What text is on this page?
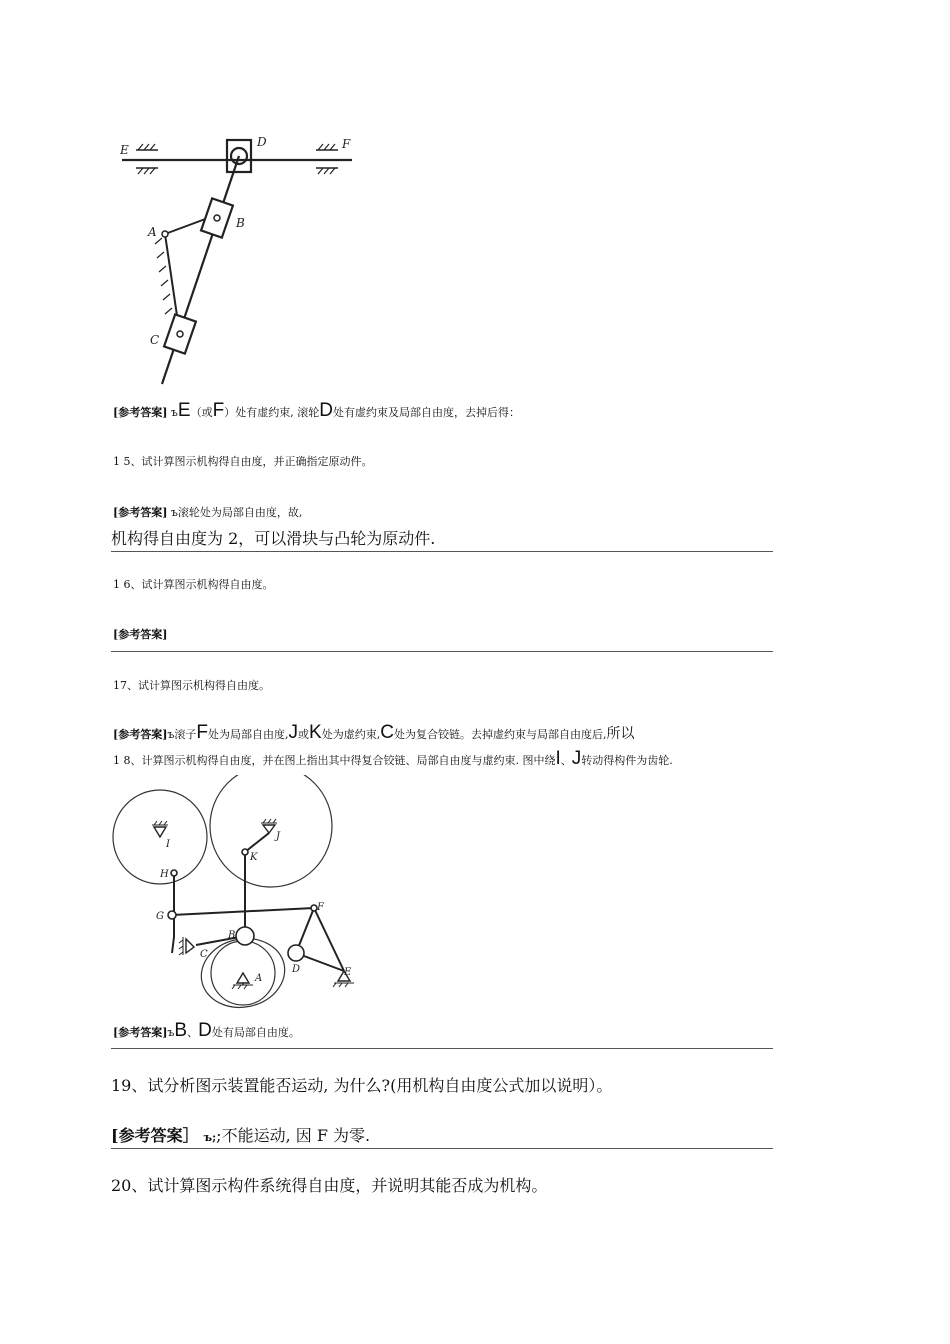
E
D	F
A
B
C
[参考答案] ъE（或F）处有虚约束, 滚轮D处有虚约束及局部自由度，去掉后得：
1 5、试计算图示机构得自由度，并正确指定原动件。
[参考答案] ъ滚轮处为局部自由度，故,
机构得自由度为 2，可以滑块与凸轮为原动件.
1 6、试计算图示机构得自由度。
[参考答案]
17、试计算图示机构得自由度。
[参考答案]ъ滚子F处为局部自由度,J或K处为虚约束,C处为复合铰链。去掉虚约束与局部自由度后,所以
1 8、计算图示机构得自由度，并在图上指出其中得复合铰链、局部自由度与虚约束. 图中绕I、J转动得构件为齿轮.
I
J
K
H
G
F
B
C
A
D	E
[参考答案]ъB、D处有局部自由度。
19、试分析图示装置能否运动, 为什么?(用机构自由度公式加以说明）。
[参考答案］ ъ;;不能运动, 因 F 为零.
20、试计算图示构件系统得自由度，并说明其能否成为机构。
